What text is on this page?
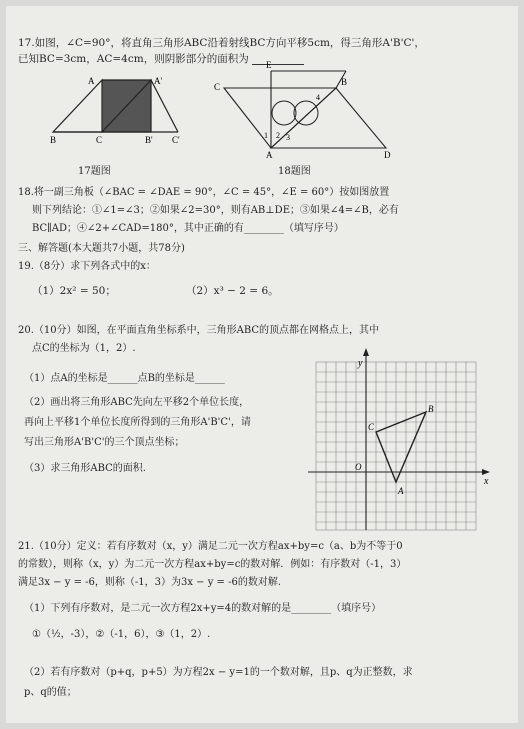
17.如图，∠C=90°，将直角三角形ABC沿着射线BC方向平移5cm，得三角形A'B'C'，
已知BC=3cm，AC=4cm，则阴影部分的面积为
A	A'
B	C	B' C'
17题图
E
B
C
A	D
1 2 3
4
18题图
18.将一副三角板（∠BAC = ∠DAE = 90°，∠C = 45°，∠E = 60°）按如图放置
则下列结论：①∠1=∠3；②如果∠2=30°，则有AB⊥DE；③如果∠4=∠B，必有
BC∥AD；④∠2+∠CAD=180°，其中正确的有________（填写序号）
三、解答题(本大题共7小题，共78分)
19.（8分）求下列各式中的x：
（1）2x² = 50；	（2）x³ − 2 = 6。
20.（10分）如图，在平面直角坐标系中，三角形ABC的顶点都在网格点上，其中
点C的坐标为（1，2）.
（1）点A的坐标是______点B的坐标是______
（2）画出将三角形ABC先向左平移2个单位长度，
再向上平移1个单位长度所得到的三角形A'B'C'，请
写出三角形A'B'C'的三个顶点坐标；
（3）求三角形ABC的面积.
y
x
O
C
B
A
21.（10分）定义：若有序数对（x，y）满足二元一次方程ax+by=c（a、b为不等于0
的常数），则称（x，y）为二元一次方程ax+by=c的数对解．例如：有序数对（-1，3）
满足3x − y = -6，则称（-1，3）为3x − y = -6的数对解.
（1）下列有序数对，是二元一次方程2x+y=4的数对解的是________（填序号）
①（½，-3），②（-1，6），③（1，2）.
（2）若有序数对（p+q，p+5）为方程2x − y=1的一个数对解，且p、q为正整数，求
p、q的值；
